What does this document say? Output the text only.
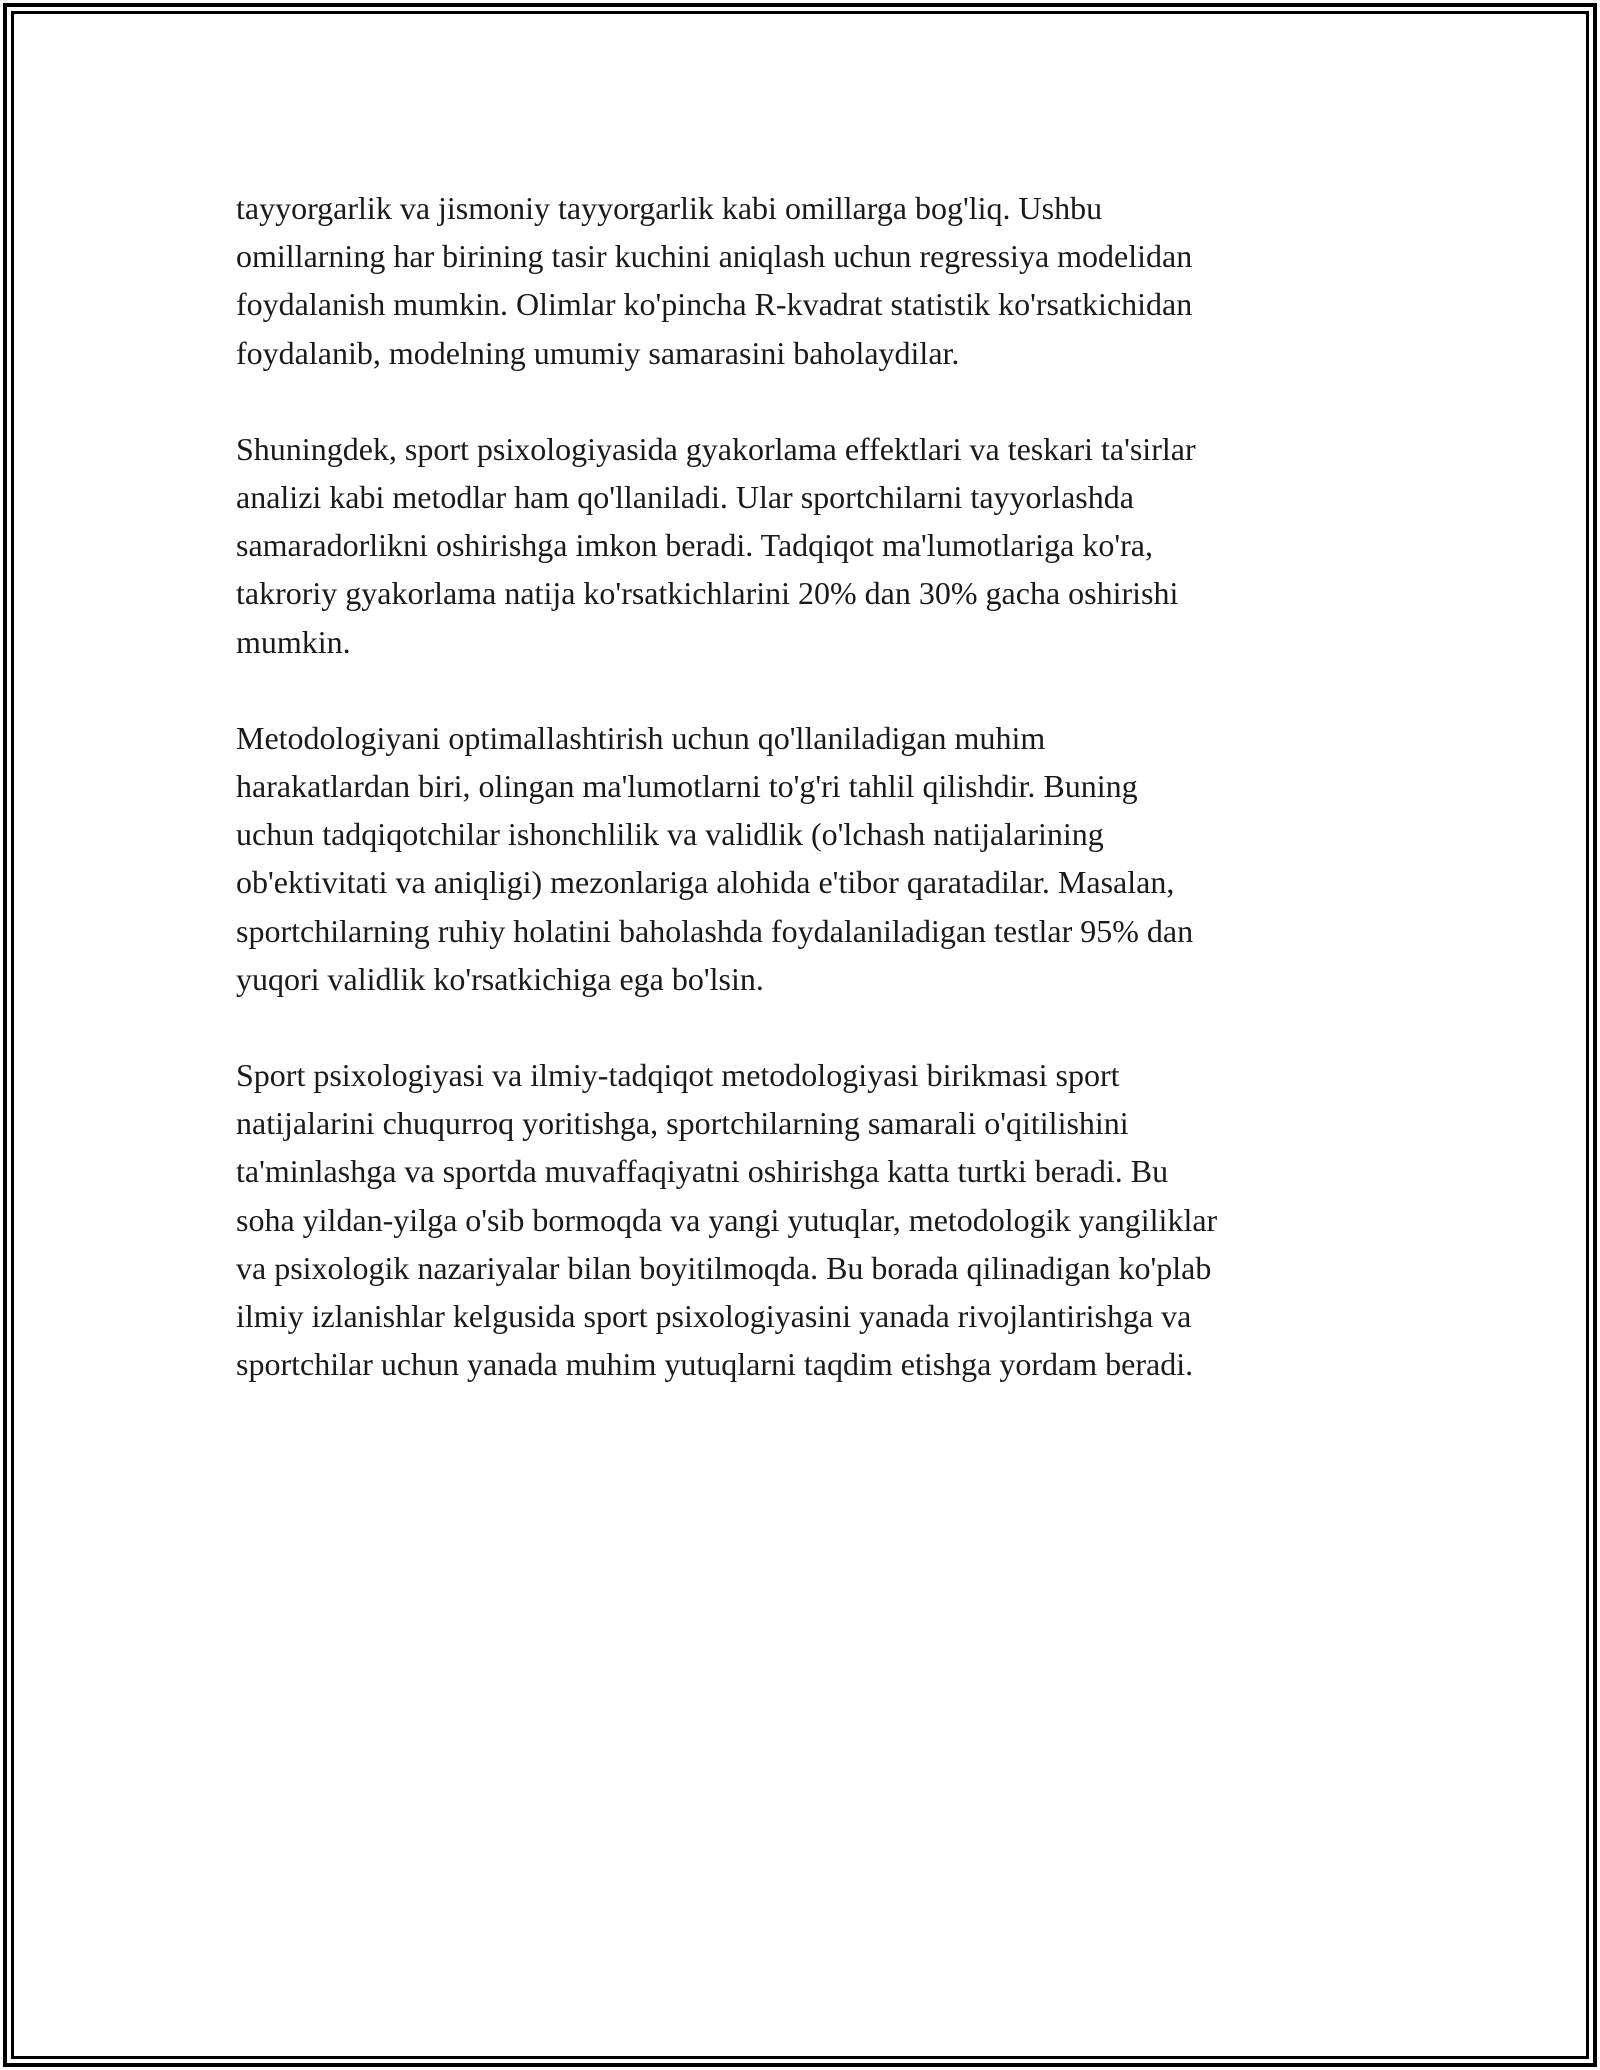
tayyorgarlik va jismoniy tayyorgarlik kabi omillarga bog'liq. Ushbu
omillarning har birining tasir kuchini aniqlash uchun regressiya modelidan
foydalanish mumkin. Olimlar ko'pincha R-kvadrat statistik ko'rsatkichidan
foydalanib, modelning umumiy samarasini baholaydilar.

Shuningdek, sport psixologiyasida gyakorlama effektlari va teskari ta'sirlar
analizi kabi metodlar ham qo'llaniladi. Ular sportchilarni tayyorlashda
samaradorlikni oshirishga imkon beradi. Tadqiqot ma'lumotlariga ko'ra,
takroriy gyakorlama natija ko'rsatkichlarini 20% dan 30% gacha oshirishi
mumkin.

Metodologiyani optimallashtirish uchun qo'llaniladigan muhim
harakatlardan biri, olingan ma'lumotlarni to'g'ri tahlil qilishdir. Buning
uchun tadqiqotchilar ishonchlilik va validlik (o'lchash natijalarining
ob'ektivitati va aniqligi) mezonlariga alohida e'tibor qaratadilar. Masalan,
sportchilarning ruhiy holatini baholashda foydalaniladigan testlar 95% dan
yuqori validlik ko'rsatkichiga ega bo'lsin.

Sport psixologiyasi va ilmiy-tadqiqot metodologiyasi birikmasi sport
natijalarini chuqurroq yoritishga, sportchilarning samarali o'qitilishini
ta'minlashga va sportda muvaffaqiyatni oshirishga katta turtki beradi. Bu
soha yildan-yilga o'sib bormoqda va yangi yutuqlar, metodologik yangiliklar
va psixologik nazariyalar bilan boyitilmoqda. Bu borada qilinadigan ko'plab
ilmiy izlanishlar kelgusida sport psixologiyasini yanada rivojlantirishga va
sportchilar uchun yanada muhim yutuqlarni taqdim etishga yordam beradi.
